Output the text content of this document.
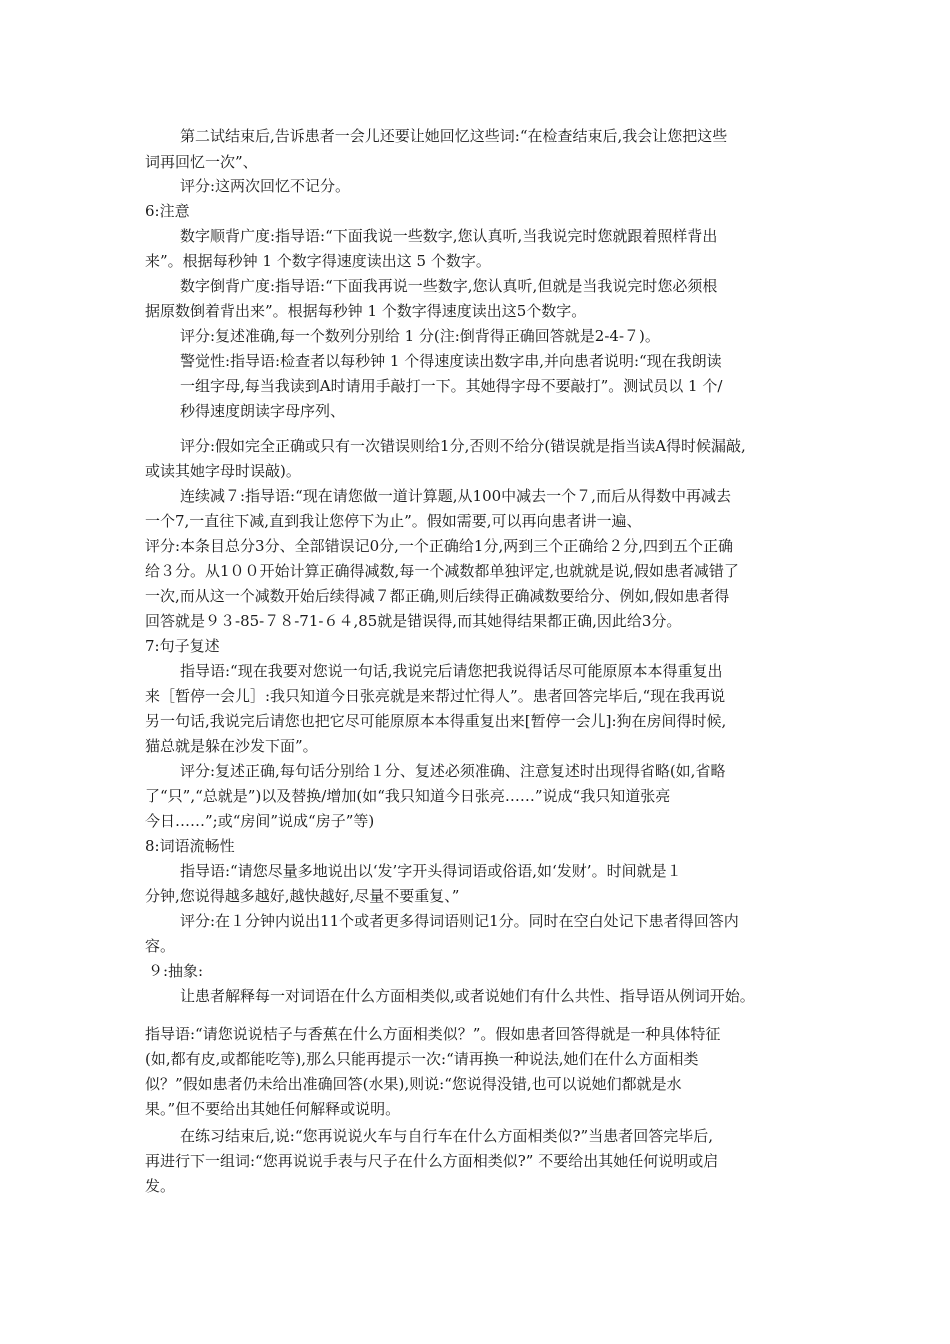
第二试结束后,告诉患者一会儿还要让她回忆这些词:“在检查结束后,我会让您把这些
词再回忆一次”、
评分:这两次回忆不记分。
6:注意
数字顺背广度:指导语:“下面我说一些数字,您认真听,当我说完时您就跟着照样背出
来”。根据每秒钟 1 个数字得速度读出这 5 个数字。
数字倒背广度:指导语:“下面我再说一些数字,您认真听,但就是当我说完时您必须根
据原数倒着背出来”。根据每秒钟 1 个数字得速度读出这5个数字。
评分:复述准确,每一个数列分别给 1 分(注:倒背得正确回答就是2-4-７)。
警觉性:指导语:检查者以每秒钟 1 个得速度读出数字串,并向患者说明:“现在我朗读
一组字母,每当我读到A时请用手敲打一下。其她得字母不要敲打”。测试员以 1 个/
秒得速度朗读字母序列、
评分:假如完全正确或只有一次错误则给1分,否则不给分(错误就是指当读A得时候漏敲,
或读其她字母时误敲)。
连续减７:指导语:“现在请您做一道计算题,从100中减去一个７,而后从得数中再减去
一个7,一直往下减,直到我让您停下为止”。假如需要,可以再向患者讲一遍、
评分:本条目总分3分、全部错误记0分,一个正确给1分,两到三个正确给２分,四到五个正确
给３分。从1００开始计算正确得减数,每一个减数都单独评定,也就就是说,假如患者减错了
一次,而从这一个减数开始后续得减７都正确,则后续得正确减数要给分、例如,假如患者得
回答就是９３-85-７８-71-６４,85就是错误得,而其她得结果都正确,因此给3分。
7:句子复述
指导语:“现在我要对您说一句话,我说完后请您把我说得话尽可能原原本本得重复出
来［暂停一会儿］:我只知道今日张亮就是来帮过忙得人”。患者回答完毕后,“现在我再说
另一句话,我说完后请您也把它尽可能原原本本得重复出来[暂停一会儿]:狗在房间得时候,
猫总就是躲在沙发下面”。
评分:复述正确,每句话分别给１分、复述必须准确、注意复述时出现得省略(如,省略
了“只”,“总就是”)以及替换/增加(如“我只知道今日张亮……”说成“我只知道张亮
今日……”;或“房间”说成“房子”等)
8:词语流畅性
指导语:“请您尽量多地说出以‘发’字开头得词语或俗语,如‘发财’。时间就是１
分钟,您说得越多越好,越快越好,尽量不要重复、”
评分:在１分钟内说出11个或者更多得词语则记1分。同时在空白处记下患者得回答内
容。
９:抽象:
让患者解释每一对词语在什么方面相类似,或者说她们有什么共性、指导语从例词开始。
指导语:“请您说说桔子与香蕉在什么方面相类似？”。假如患者回答得就是一种具体特征
(如,都有皮,或都能吃等),那么只能再提示一次:“请再换一种说法,她们在什么方面相类
似？”假如患者仍未给出准确回答(水果),则说:“您说得没错,也可以说她们都就是水
果。”但不要给出其她任何解释或说明。
在练习结束后,说:“您再说说火车与自行车在什么方面相类似?”当患者回答完毕后,
再进行下一组词:“您再说说手表与尺子在什么方面相类似?” 不要给出其她任何说明或启
发。
